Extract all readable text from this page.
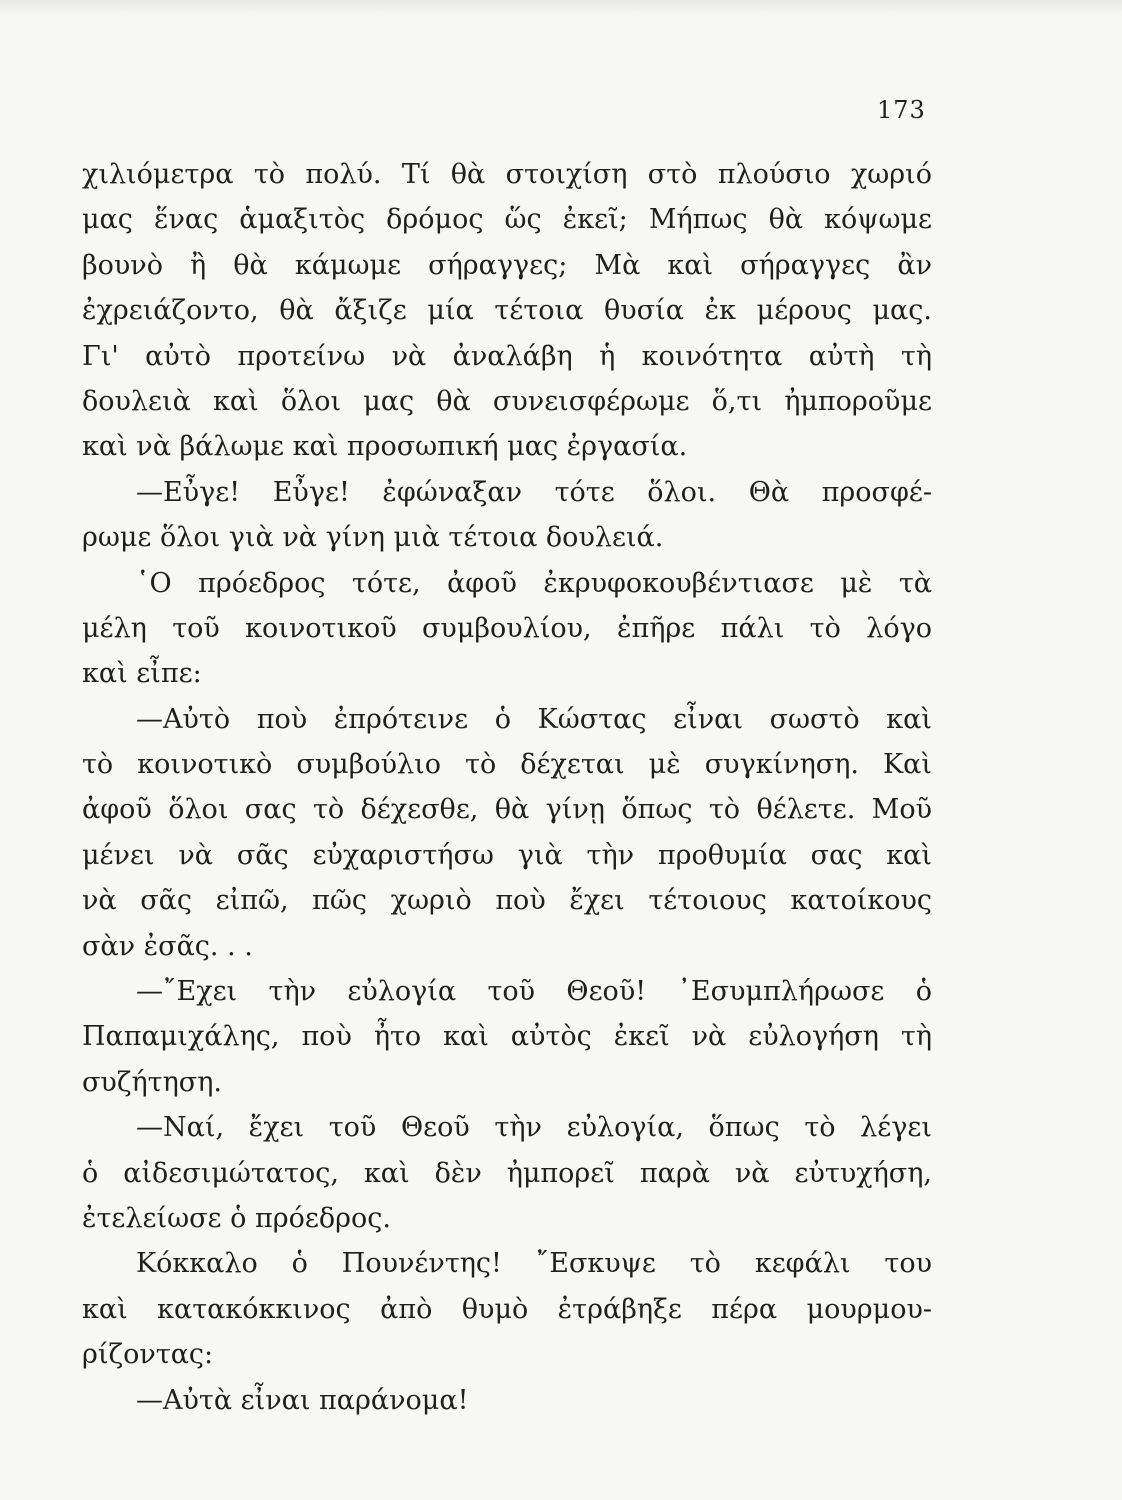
173
χιλιόμετρα τὸ πολύ. Τί θὰ στοιχίση στὸ πλούσιο χωριό
μας ἕνας ἁμαξιτὸς δρόμος ὥς ἐκεῖ; Μήπως θὰ κόψωμε
βουνὸ ἢ θὰ κάμωμε σήραγγες; Μὰ καὶ σήραγγες ἂν
ἐχρειάζοντο, θὰ ἄξιζε μία τέτοια θυσία ἐκ μέρους μας.
Γι' αὐτὸ προτείνω νὰ ἀναλάβη ἡ κοινότητα αὐτὴ τὴ
δουλειὰ καὶ ὅλοι μας θὰ συνεισφέρωμε ὅ,τι ἠμποροῦμε
καὶ νὰ βάλωμε καὶ προσωπική μας ἐργασία.
—Εὖγε! Εὖγε! ἐφώναξαν τότε ὅλοι. Θὰ προσφέ-
ρωμε ὅλοι γιὰ νὰ γίνη μιὰ τέτοια δουλειά.
῾Ο πρόεδρος τότε, ἀφοῦ ἐκρυφοκουβέντιασε μὲ τὰ
μέλη τοῦ κοινοτικοῦ συμβουλίου, ἐπῆρε πάλι τὸ λόγο
καὶ εἶπε:
—Αὐτὸ ποὺ ἐπρότεινε ὁ Κώστας εἶναι σωστὸ καὶ
τὸ κοινοτικὸ συμβούλιο τὸ δέχεται μὲ συγκίνηση. Καὶ
ἀφοῦ ὅλοι σας τὸ δέχεσθε, θὰ γίνῃ ὅπως τὸ θέλετε. Μοῦ
μένει νὰ σᾶς εὐχαριστήσω γιὰ τὴν προθυμία σας καὶ
νὰ σᾶς εἰπῶ, πῶς χωριὸ ποὺ ἔχει τέτοιους κατοίκους
σὰν ἐσᾶς. . .
—῎Εχει τὴν εὐλογία τοῦ Θεοῦ! ᾿Εσυμπλήρωσε ὁ
Παπαμιχάλης, ποὺ ἦτο καὶ αὐτὸς ἐκεῖ νὰ εὐλογήση τὴ
συζήτηση.
—Ναί, ἔχει τοῦ Θεοῦ τὴν εὐλογία, ὅπως τὸ λέγει
ὁ αἰδεσιμώτατος, καὶ δὲν ἠμπορεῖ παρὰ νὰ εὐτυχήση,
ἐτελείωσε ὁ πρόεδρος.
Κόκκαλο ὁ Πουνέντης! ῎Εσκυψε τὸ κεφάλι του
καὶ κατακόκκινος ἀπὸ θυμὸ ἐτράβηξε πέρα μουρμου-
ρίζοντας:
—Αὐτὰ εἶναι παράνομα!
